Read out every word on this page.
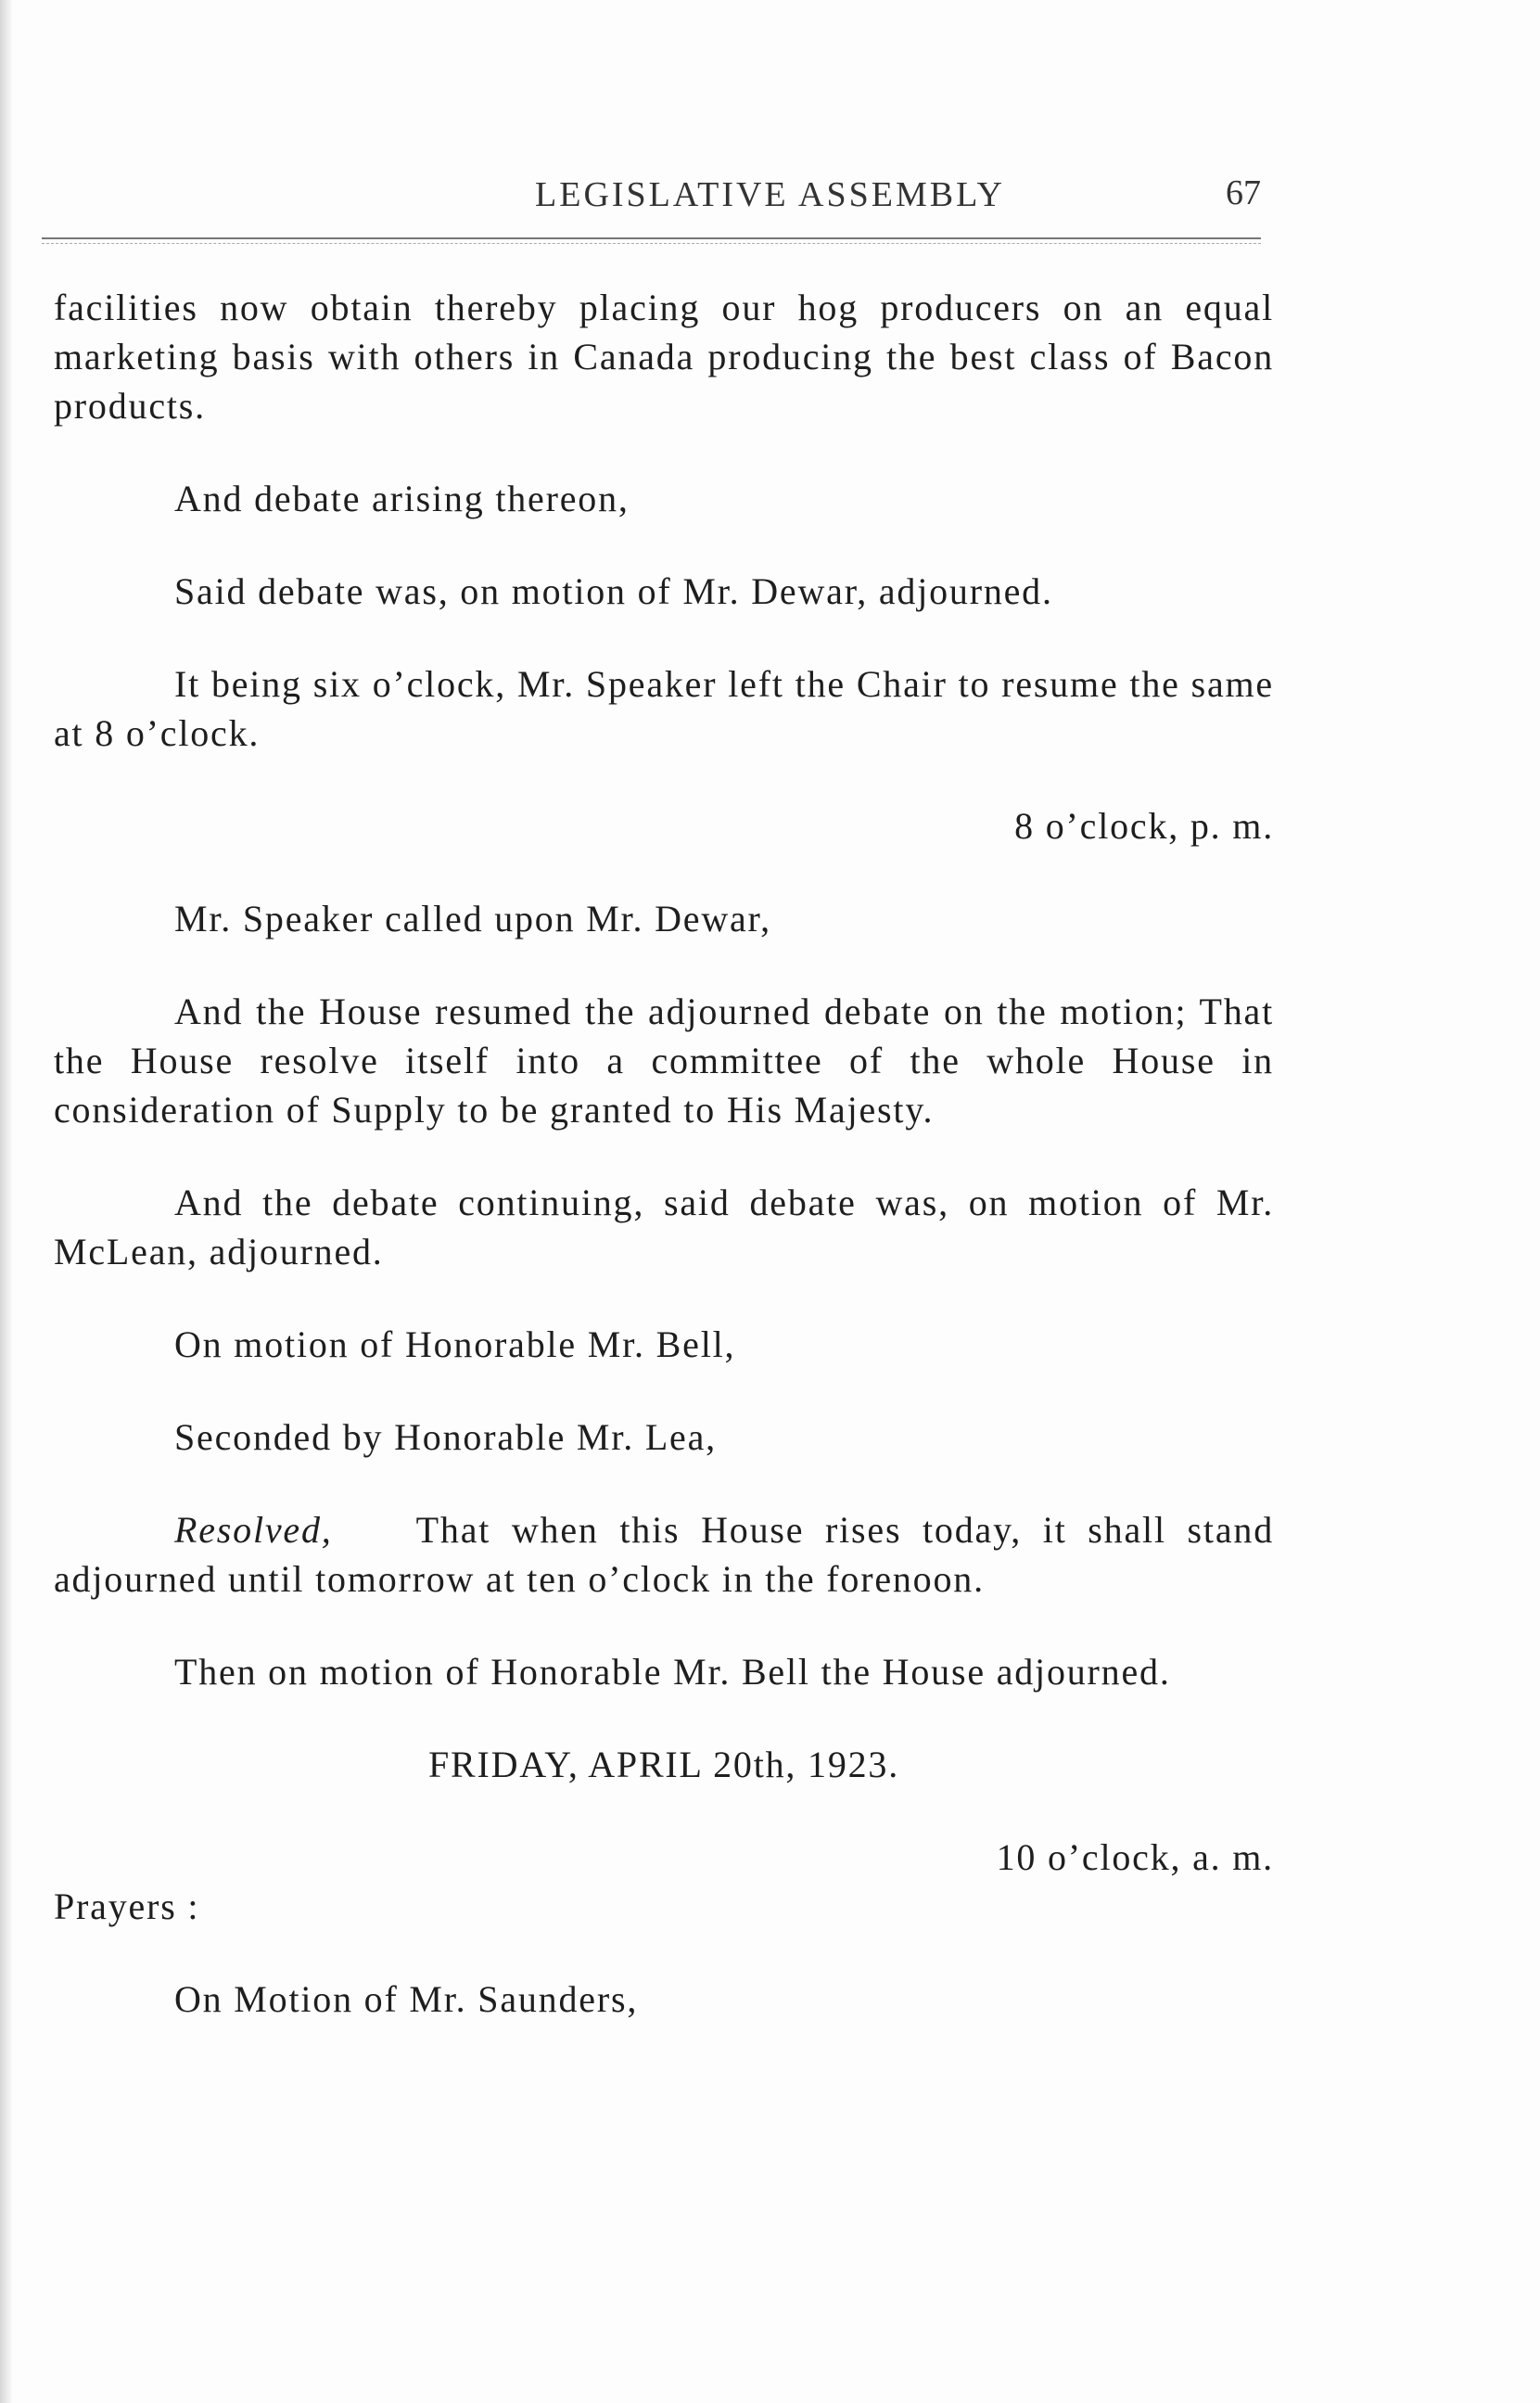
LEGISLATIVE ASSEMBLY	67

facilities now obtain thereby placing our hog producers on an equal marketing basis with others in Canada producing the best class of Bacon products.

And debate arising thereon,

Said debate was, on motion of Mr. Dewar, adjourned.

It being six o’clock, Mr. Speaker left the Chair to resume the same at 8 o’clock.

8 o’clock, p. m.

Mr. Speaker called upon Mr. Dewar,

And the House resumed the adjourned debate on the motion; That the House resolve itself into a committee of the whole House in consideration of Supply to be granted to His Majesty.

And the debate continuing, said debate was, on motion of Mr. McLean, adjourned.

On motion of Honorable Mr. Bell,

Seconded by Honorable Mr. Lea,

Resolved, That when this House rises today, it shall stand adjourned until tomorrow at ten o’clock in the forenoon.

Then on motion of Honorable Mr. Bell the House adjourned.

FRIDAY, APRIL 20th, 1923.

10 o’clock, a. m.

Prayers :

On Motion of Mr. Saunders,
